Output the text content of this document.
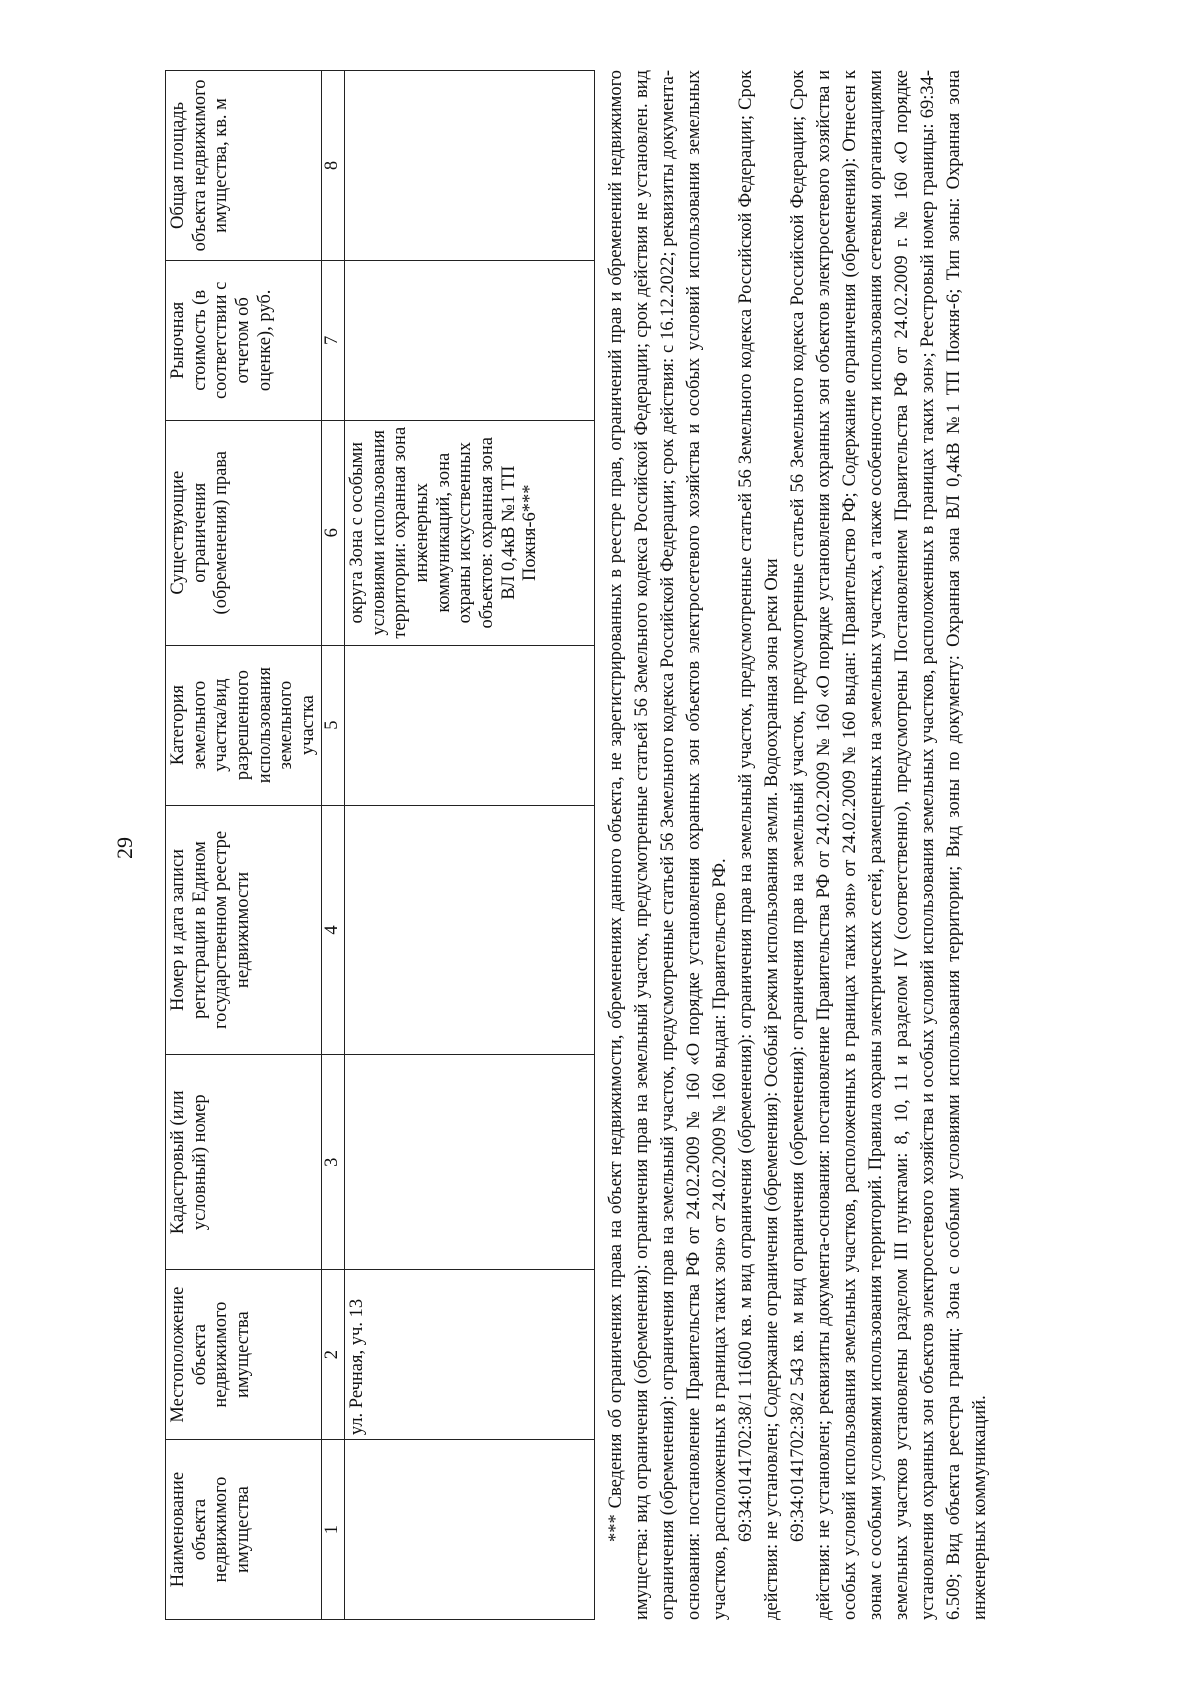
29
Наименование объекта недвижимого имущества	Местоположение объекта недвижимого имущества	Кадастровый (или условный) номер	Номер и дата записи регистрации в Едином государственном реестре недвижимости	Категория земельного участка/вид разрешенного использования земельного участка	Существующие ограничения (обременения) права	Рыночная стоимость (в соответствии с отчетом об оценке), руб.	Общая площадь объекта недвижимого имущества, кв. м
1	2	3	4	5	6	7	8
	ул. Речная, уч. 13				округа Зона с особыми условиями использования территории: охранная зона инженерных коммуникаций, зона охраны искусственных объектов: охранная зона ВЛ 0,4кВ №1 ТП Пожня-6***			*** Сведения об ограничениях права на объект недвижимости, обременениях данного объекта, не зарегистрированных в реестре прав, ограничений прав и обременений недвижимого имущества: вид ограничения (обременения): ограничения прав на земельный участок, предусмотренные статьей 56 Земельного кодекса Российской Федерации; срок действия не установлен. вид ограничения (обременения): ограничения прав на земельный участок, предусмотренные статьей 56 Земельного кодекса Российской Федерации; срок действия: с 16.12.2022; реквизиты документа-основания: постановление Правительства РФ от 24.02.2009 № 160 «О порядке установления охранных зон объектов электросетевого хозяйства и особых условий использования земельных участков, расположенных в границах таких зон» от 24.02.2009 № 160 выдан: Правительство РФ. 69:34:0141702:38/1 11600 кв. м вид ограничения (обременения): ограничения прав на земельный участок, предусмотренные статьей 56 Земельного кодекса Российской Федерации; Срок действия: не установлен; Содержание ограничения (обременения): Особый режим использования земли. Водоохранная зона реки Оки 69:34:0141702:38/2 543 кв. м вид ограничения (обременения): ограничения прав на земельный участок, предусмотренные статьей 56 Земельного кодекса Российской Федерации; Срок действия: не установлен; реквизиты документа-основания: постановление Правительства РФ от 24.02.2009 № 160 «О порядке установления охранных зон объектов электросетевого хозяйства и особых условий использования земельных участков, расположенных в границах таких зон» от 24.02.2009 № 160 выдан: Правительство РФ; Содержание ограничения (обременения): Отнесен к зонам с особыми условиями использования территорий. Правила охраны электрических сетей, размещенных на земельных участках, а также особенности использования сетевыми организациями земельных участков установлены разделом III пунктами: 8, 10, 11 и разделом IV (соответственно), предусмотрены Постановлением Правительства РФ от 24.02.2009 г. № 160 «О порядке установления охранных зон объектов электросетевого хозяйства и особых условий использования земельных участков, расположенных в границах таких зон»; Реестровый номер границы: 69:34-6.509; Вид объекта реестра границ: Зона с особыми условиями использования территории; Вид зоны по документу: Охранная зона ВЛ 0,4кВ №1 ТП Пожня-6; Тип зоны: Охранная зона инженерных коммуникаций.
